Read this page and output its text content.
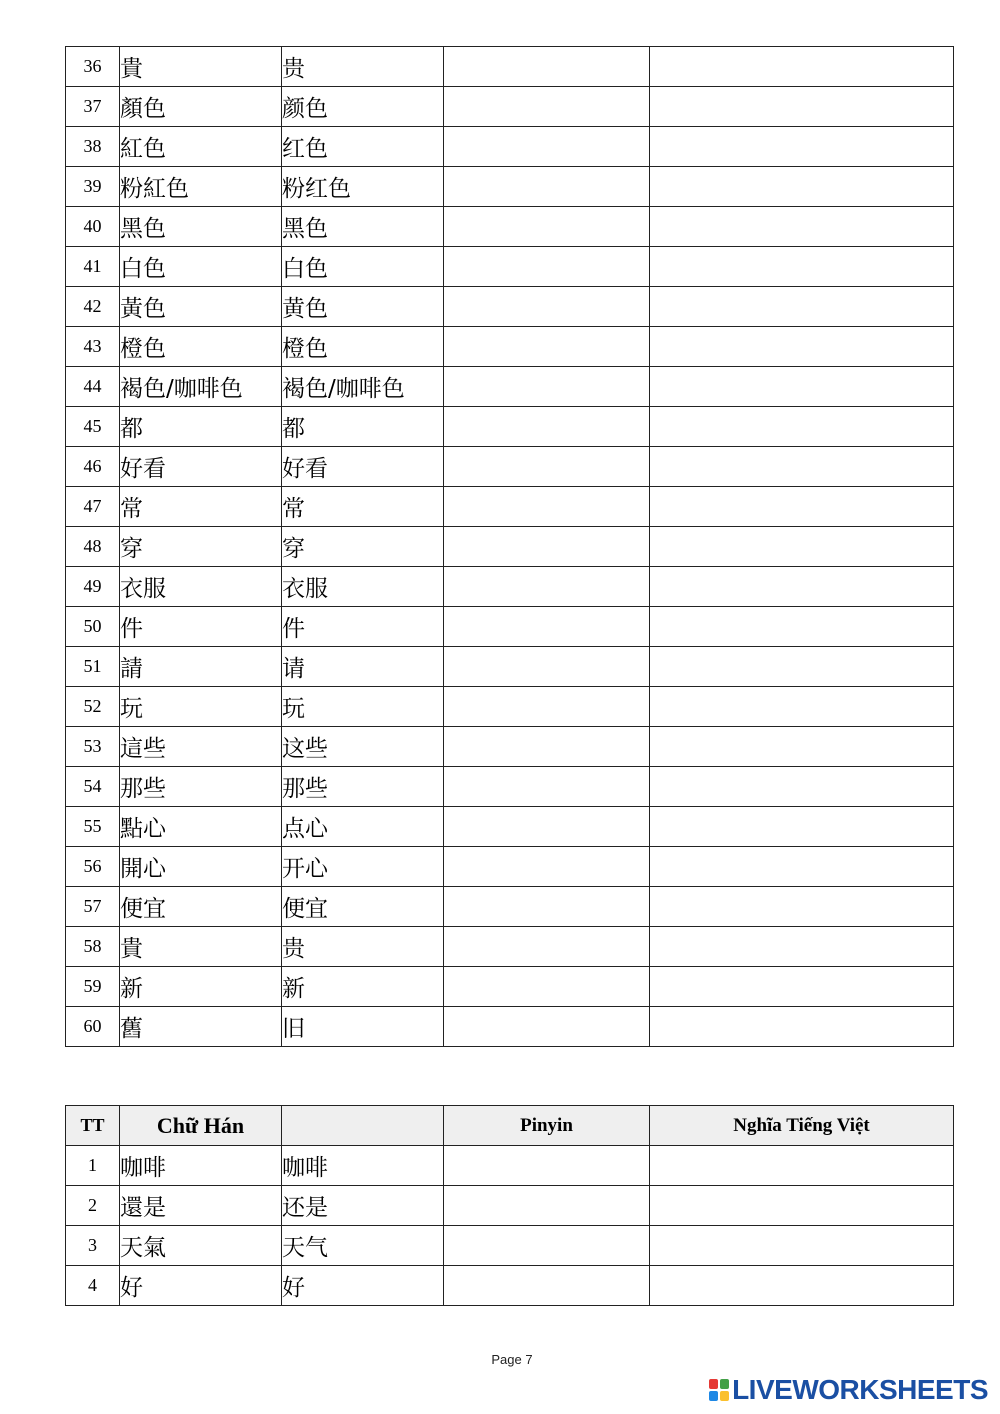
36	貴	贵		
37	顏色	颜色		
38	紅色	红色		
39	粉紅色	粉红色		
40	黑色	黑色		
41	白色	白色		
42	黃色	黄色		
43	橙色	橙色		
44	褐色/咖啡色	褐色/咖啡色		
45	都	都		
46	好看	好看		
47	常	常		
48	穿	穿		
49	衣服	衣服		
50	件	件		
51	請	请		
52	玩	玩		
53	這些	这些		
54	那些	那些		
55	點心	点心		
56	開心	开心		
57	便宜	便宜		
58	貴	贵		
59	新	新		
60	舊	旧		
TT	Chữ Hán		Pinyin	Nghĩa Tiếng Việt
1	咖啡	咖啡		
2	還是	还是		
3	天氣	天气		
4	好	好		
Page 7
LIVEWORKSHEETS
